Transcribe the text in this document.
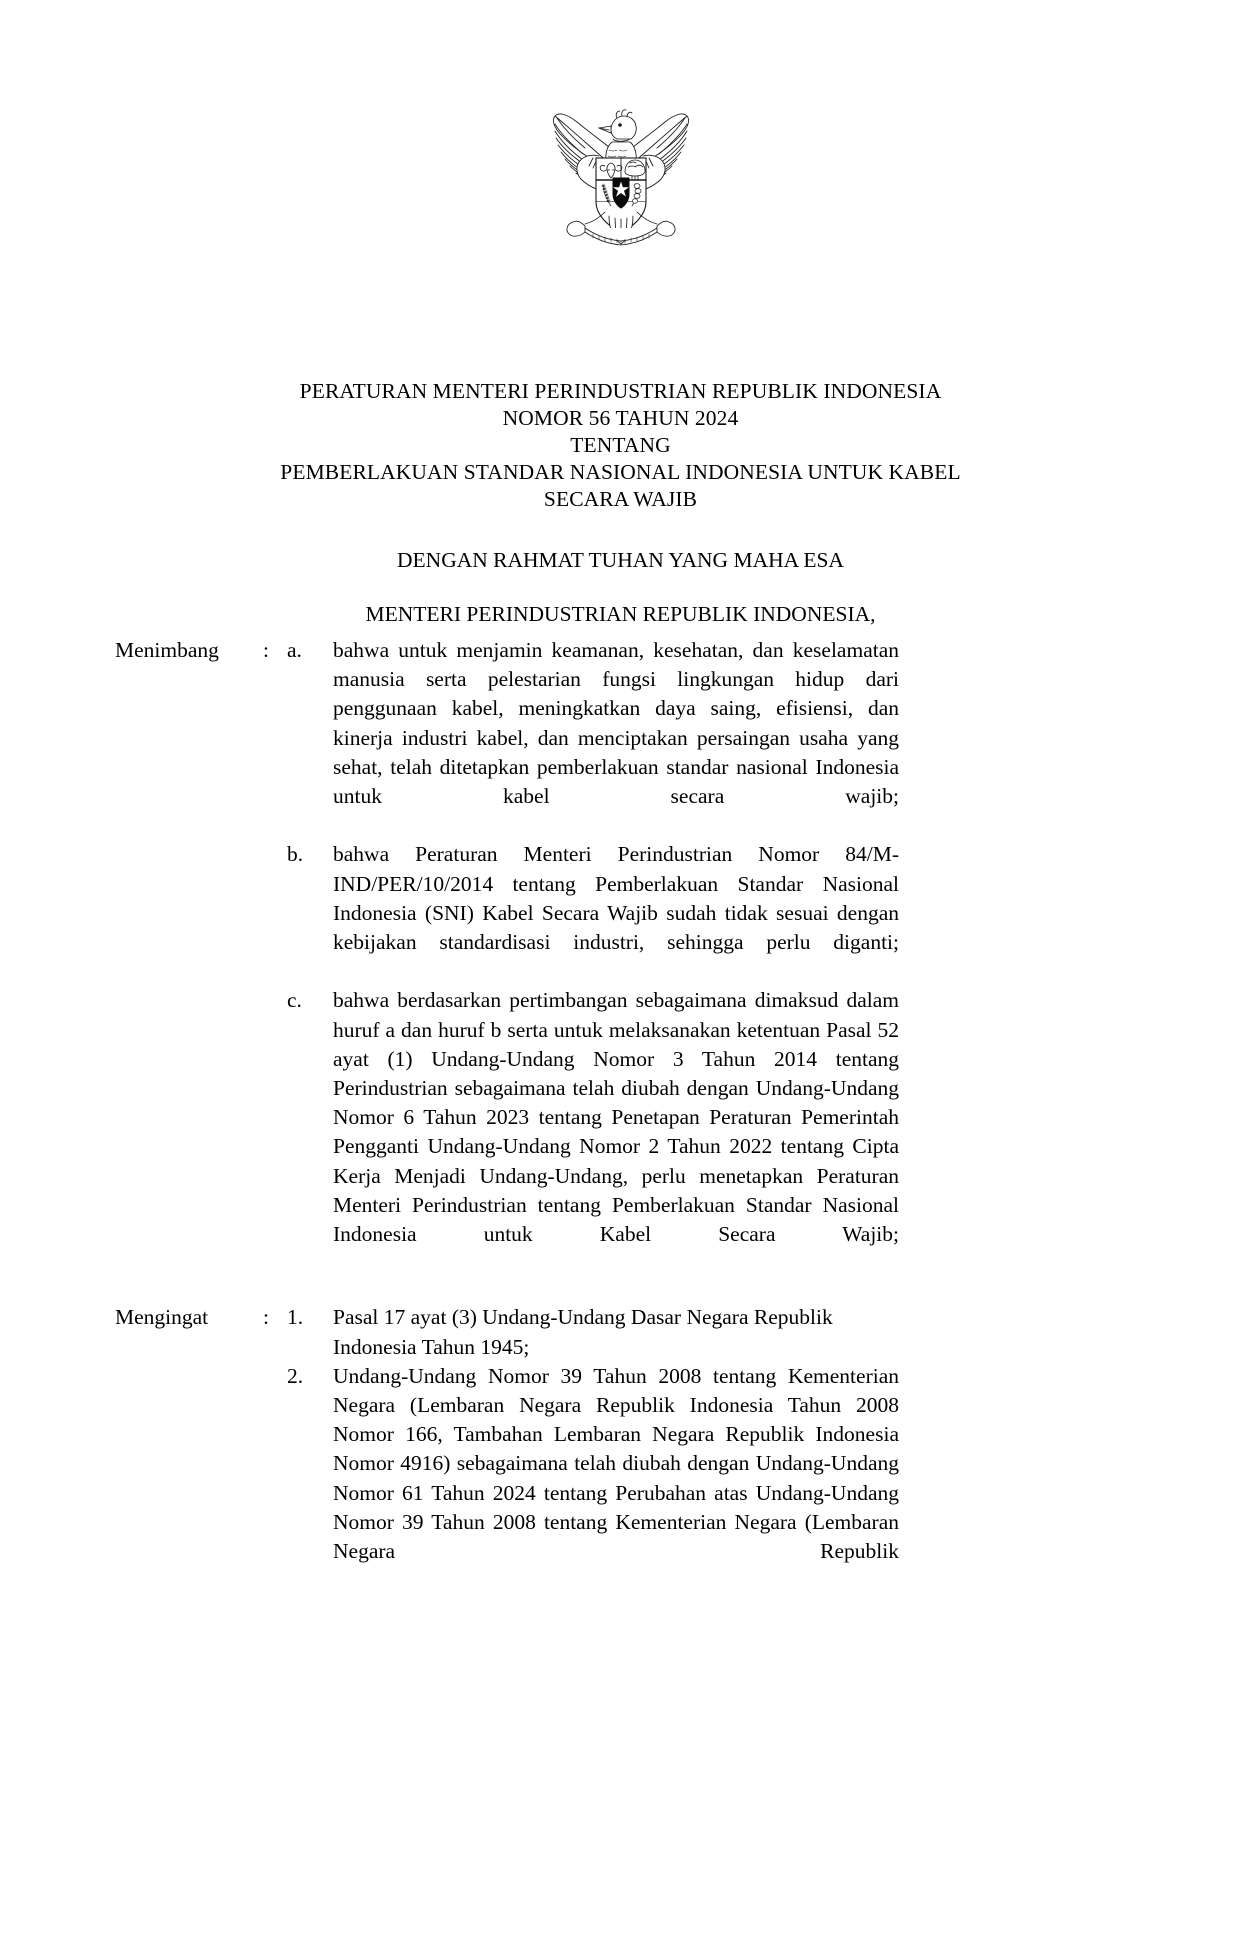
PERATURAN MENTERI PERINDUSTRIAN REPUBLIK INDONESIA
NOMOR 56 TAHUN 2024
TENTANG
PEMBERLAKUAN STANDAR NASIONAL INDONESIA UNTUK KABEL
SECARA WAJIB
DENGAN RAHMAT TUHAN YANG MAHA ESA
MENTERI PERINDUSTRIAN REPUBLIK INDONESIA,
Menimbang	: a.	bahwa untuk menjamin keamanan, kesehatan, dan keselamatan manusia serta pelestarian fungsi lingkungan hidup dari penggunaan kabel, meningkatkan daya saing, efisiensi, dan kinerja industri kabel, dan menciptakan persaingan usaha yang sehat, telah ditetapkan pemberlakuan standar nasional Indonesia untuk kabel secara wajib;
b.	bahwa Peraturan Menteri Perindustrian Nomor 84/M-IND/PER/10/2014 tentang Pemberlakuan Standar Nasional Indonesia (SNI) Kabel Secara Wajib sudah tidak sesuai dengan kebijakan standardisasi industri, sehingga perlu diganti;
c.	bahwa berdasarkan pertimbangan sebagaimana dimaksud dalam huruf a dan huruf b serta untuk melaksanakan ketentuan Pasal 52 ayat (1) Undang-Undang Nomor 3 Tahun 2014 tentang Perindustrian sebagaimana telah diubah dengan Undang-Undang Nomor 6 Tahun 2023 tentang Penetapan Peraturan Pemerintah Pengganti Undang-Undang Nomor 2 Tahun 2022 tentang Cipta Kerja Menjadi Undang-Undang, perlu menetapkan Peraturan Menteri Perindustrian tentang Pemberlakuan Standar Nasional Indonesia untuk Kabel Secara Wajib;
Mengingat	: 1.	Pasal 17 ayat (3) Undang-Undang Dasar Negara Republik Indonesia Tahun 1945;
2.	Undang-Undang Nomor 39 Tahun 2008 tentang Kementerian Negara (Lembaran Negara Republik Indonesia Tahun 2008 Nomor 166, Tambahan Lembaran Negara Republik Indonesia Nomor 4916) sebagaimana telah diubah dengan Undang-Undang Nomor 61 Tahun 2024 tentang Perubahan atas Undang-Undang Nomor 39 Tahun 2008 tentang Kementerian Negara (Lembaran Negara Republik
